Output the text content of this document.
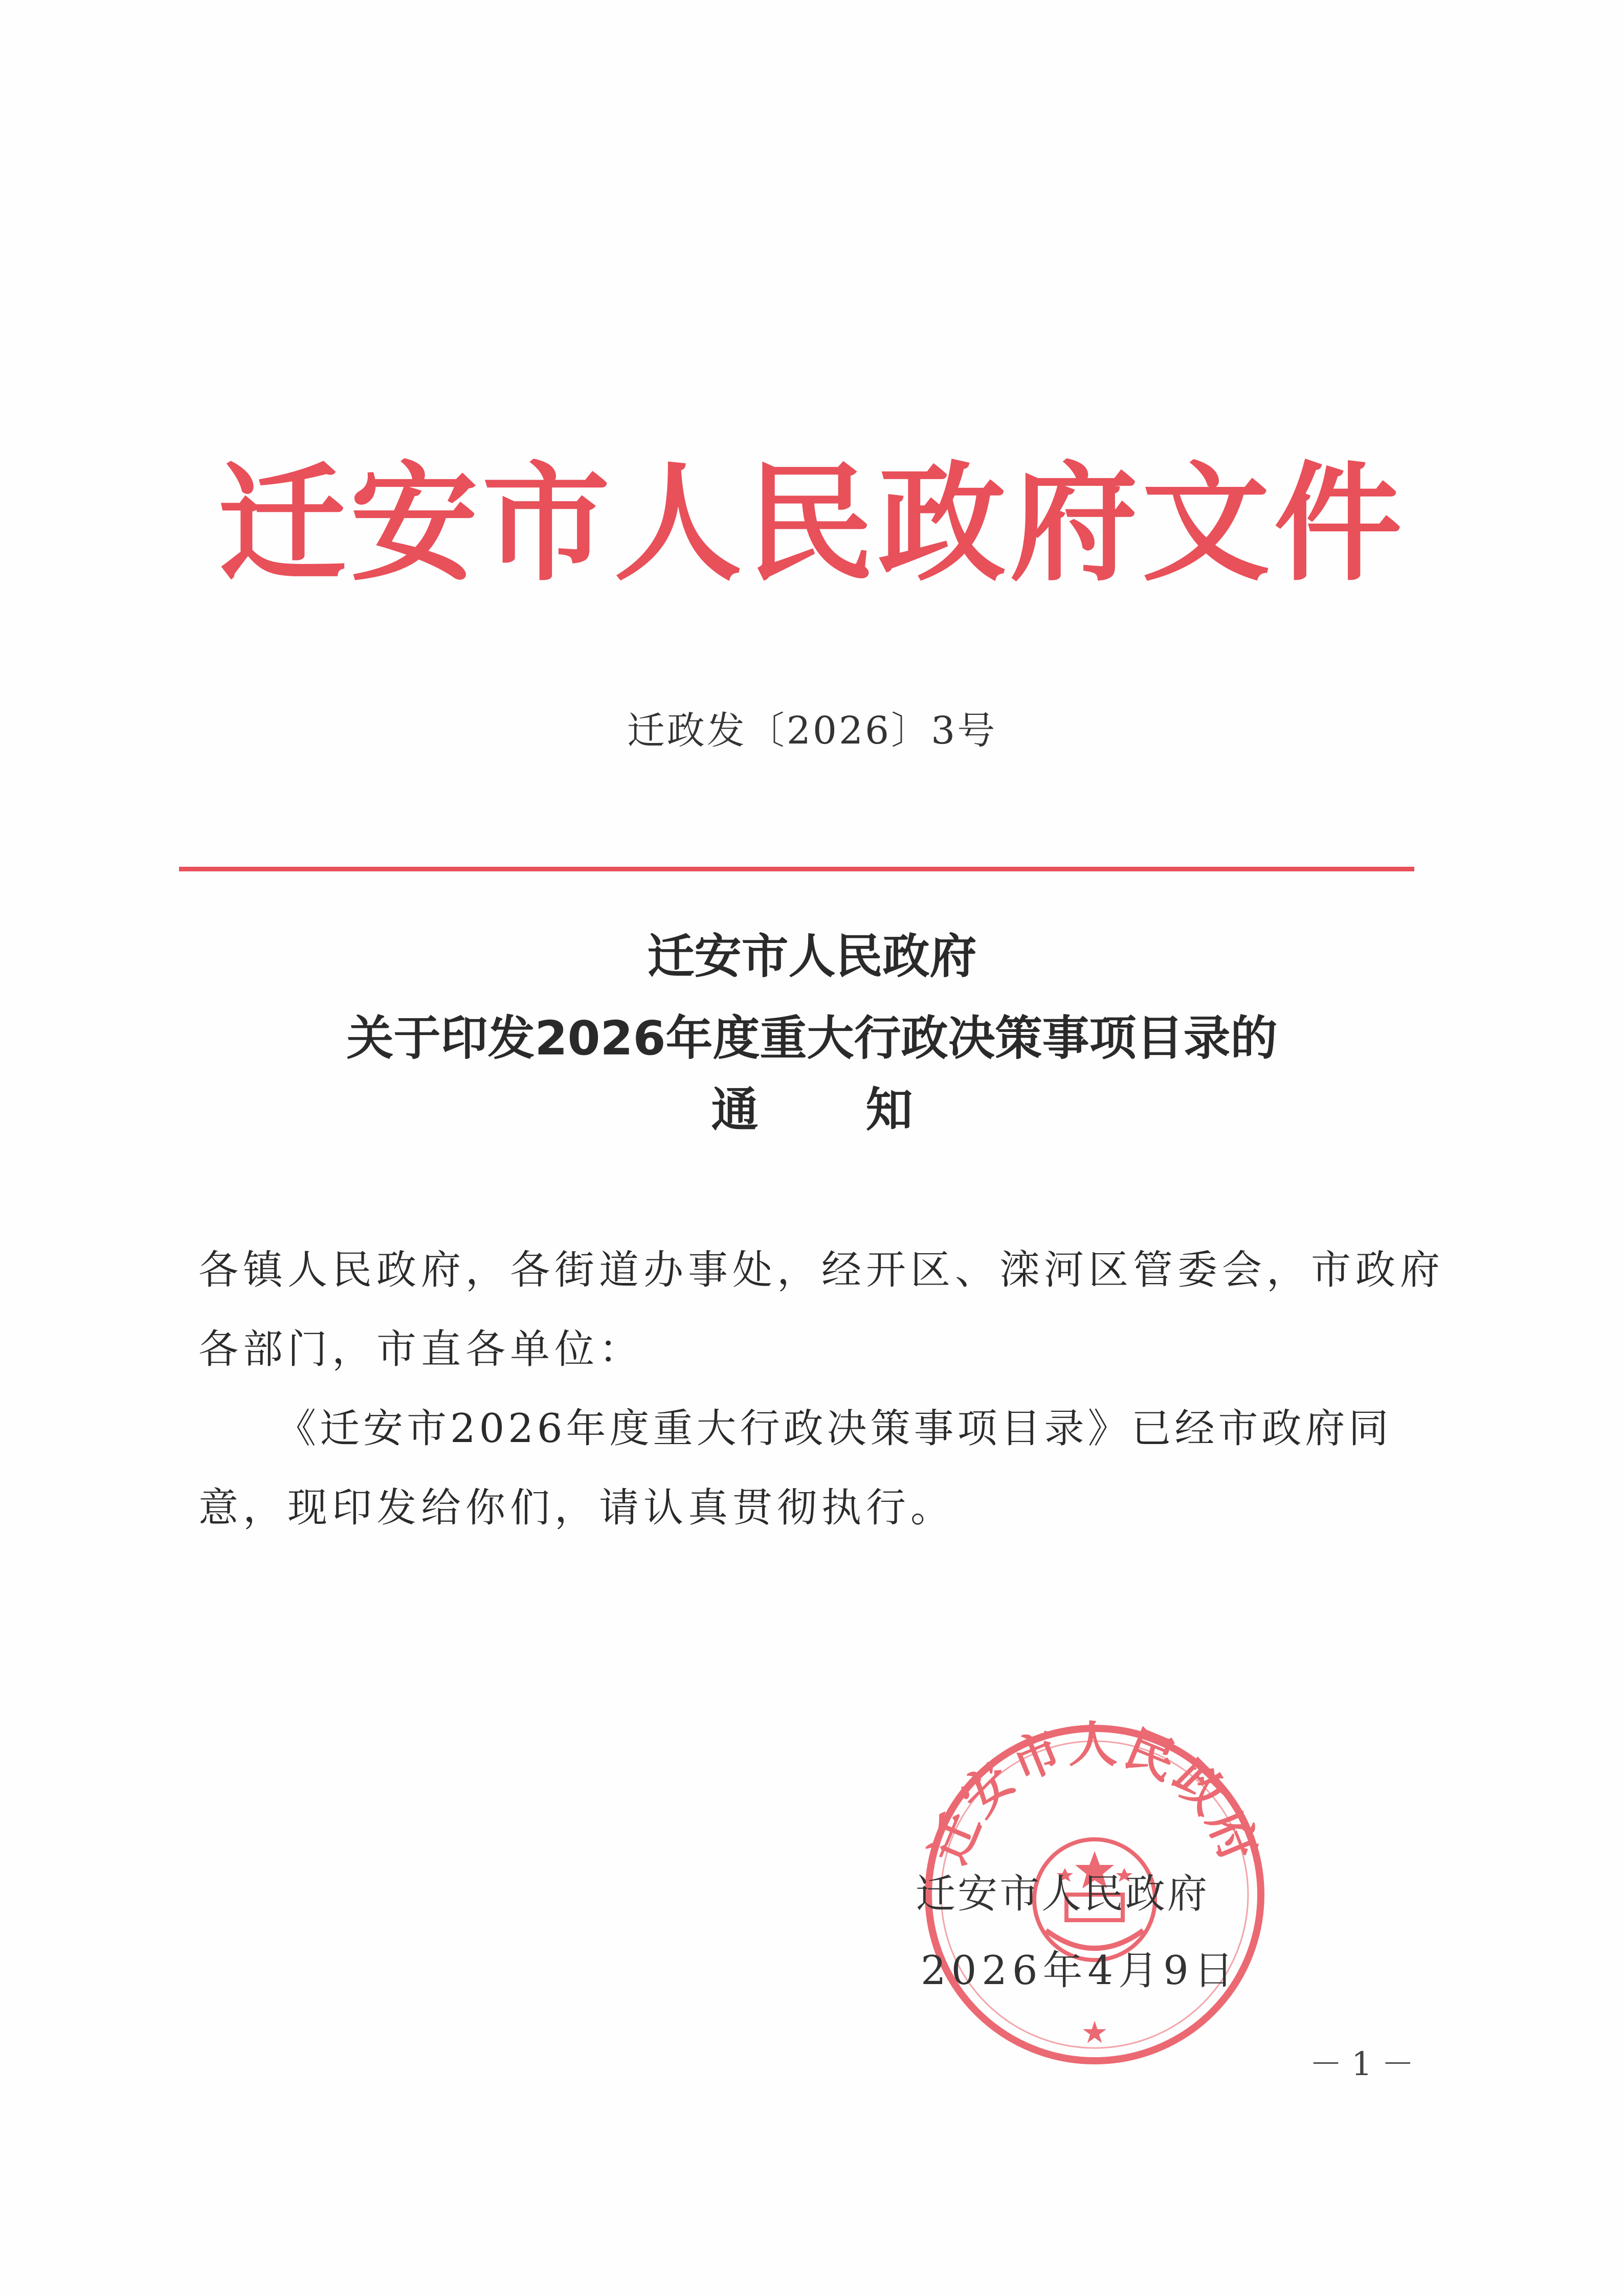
迁安市人民政府文件
迁政发〔2026〕3号
迁安市人民政府
关于印发2026年度重大行政决策事项目录的
通知
各镇人民政府，各街道办事处，经开区、滦河区管委会，市政府
各部门，市直各单位：
《迁安市2026年度重大行政决策事项目录》已经市政府同
意，现印发给你们，请认真贯彻执行。
迁安市人民政府
★
迁安市人民政府
2026年4月9日
－1－
